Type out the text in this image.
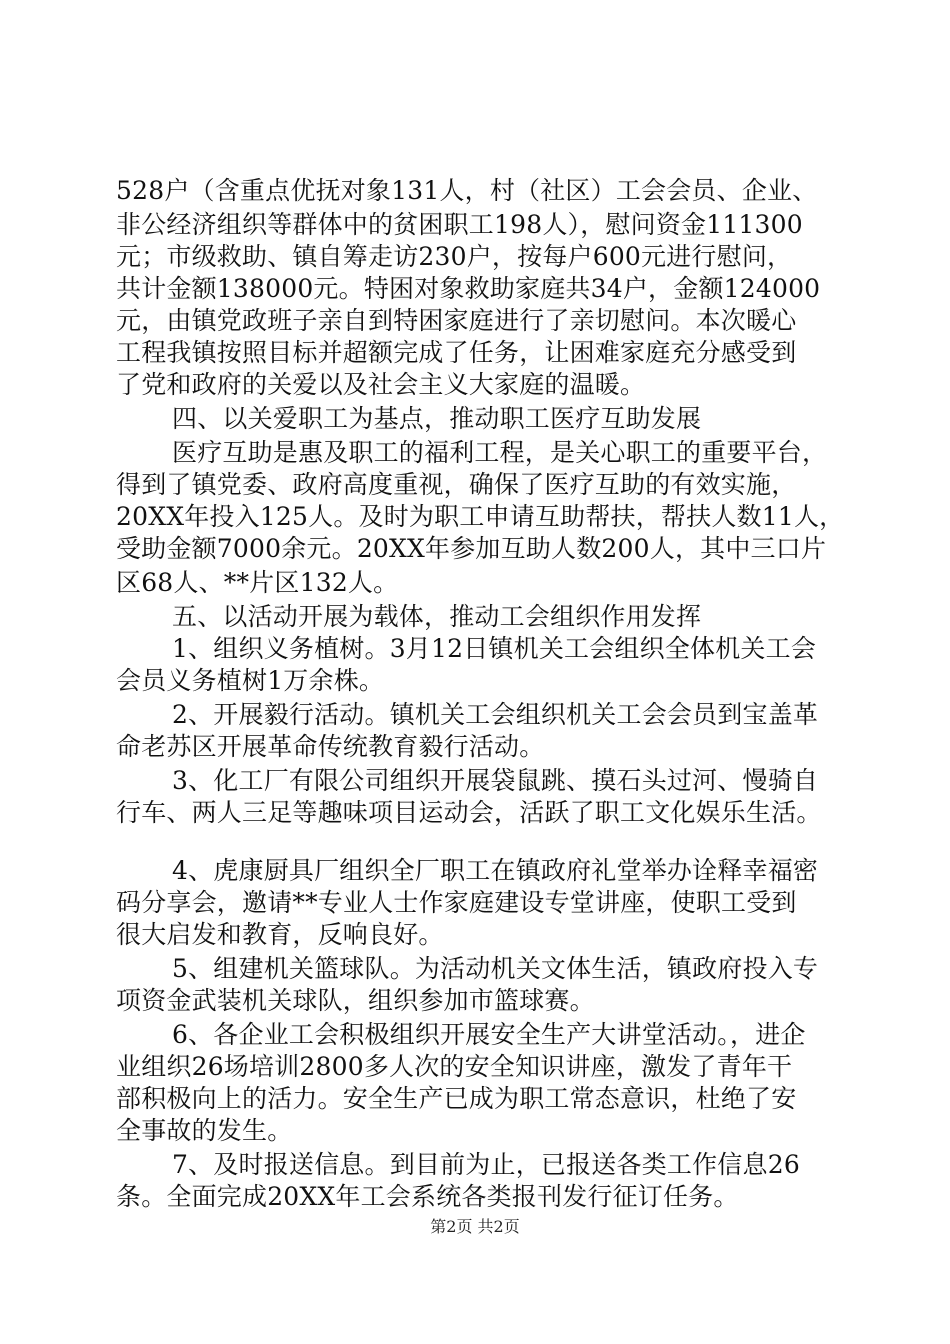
528户（含重点优抚对象131人，村（社区）工会会员、企业、
非公经济组织等群体中的贫困职工198人），慰问资金111300
元；市级救助、镇自筹走访230户，按每户600元进行慰问，
共计金额138000元。特困对象救助家庭共34户，金额124000
元，由镇党政班子亲自到特困家庭进行了亲切慰问。本次暖心
工程我镇按照目标并超额完成了任务，让困难家庭充分感受到
了党和政府的关爱以及社会主义大家庭的温暖。
四、以关爱职工为基点，推动职工医疗互助发展
医疗互助是惠及职工的福利工程，是关心职工的重要平台，
得到了镇党委、政府高度重视，确保了医疗互助的有效实施，
20XX年投入125人。及时为职工申请互助帮扶，帮扶人数11人，
受助金额7000余元。20XX年参加互助人数200人，其中三口片
区68人、**片区132人。
五、以活动开展为载体，推动工会组织作用发挥
1、组织义务植树。3月12日镇机关工会组织全体机关工会
会员义务植树1万余株。
2、开展毅行活动。镇机关工会组织机关工会会员到宝盖革
命老苏区开展革命传统教育毅行活动。
3、化工厂有限公司组织开展袋鼠跳、摸石头过河、慢骑自
行车、两人三足等趣味项目运动会，活跃了职工文化娱乐生活。
4、虎康厨具厂组织全厂职工在镇政府礼堂举办诠释幸福密
码分享会，邀请**专业人士作家庭建设专堂讲座，使职工受到
很大启发和教育，反响良好。
5、组建机关篮球队。为活动机关文体生活，镇政府投入专
项资金武装机关球队，组织参加市篮球赛。
6、各企业工会积极组织开展安全生产大讲堂活动。，进企
业组织26场培训2800多人次的安全知识讲座，激发了青年干
部积极向上的活力。安全生产已成为职工常态意识，杜绝了安
全事故的发生。
7、及时报送信息。到目前为止，已报送各类工作信息26
条。全面完成20XX年工会系统各类报刊发行征订任务。
第2页 共2页
